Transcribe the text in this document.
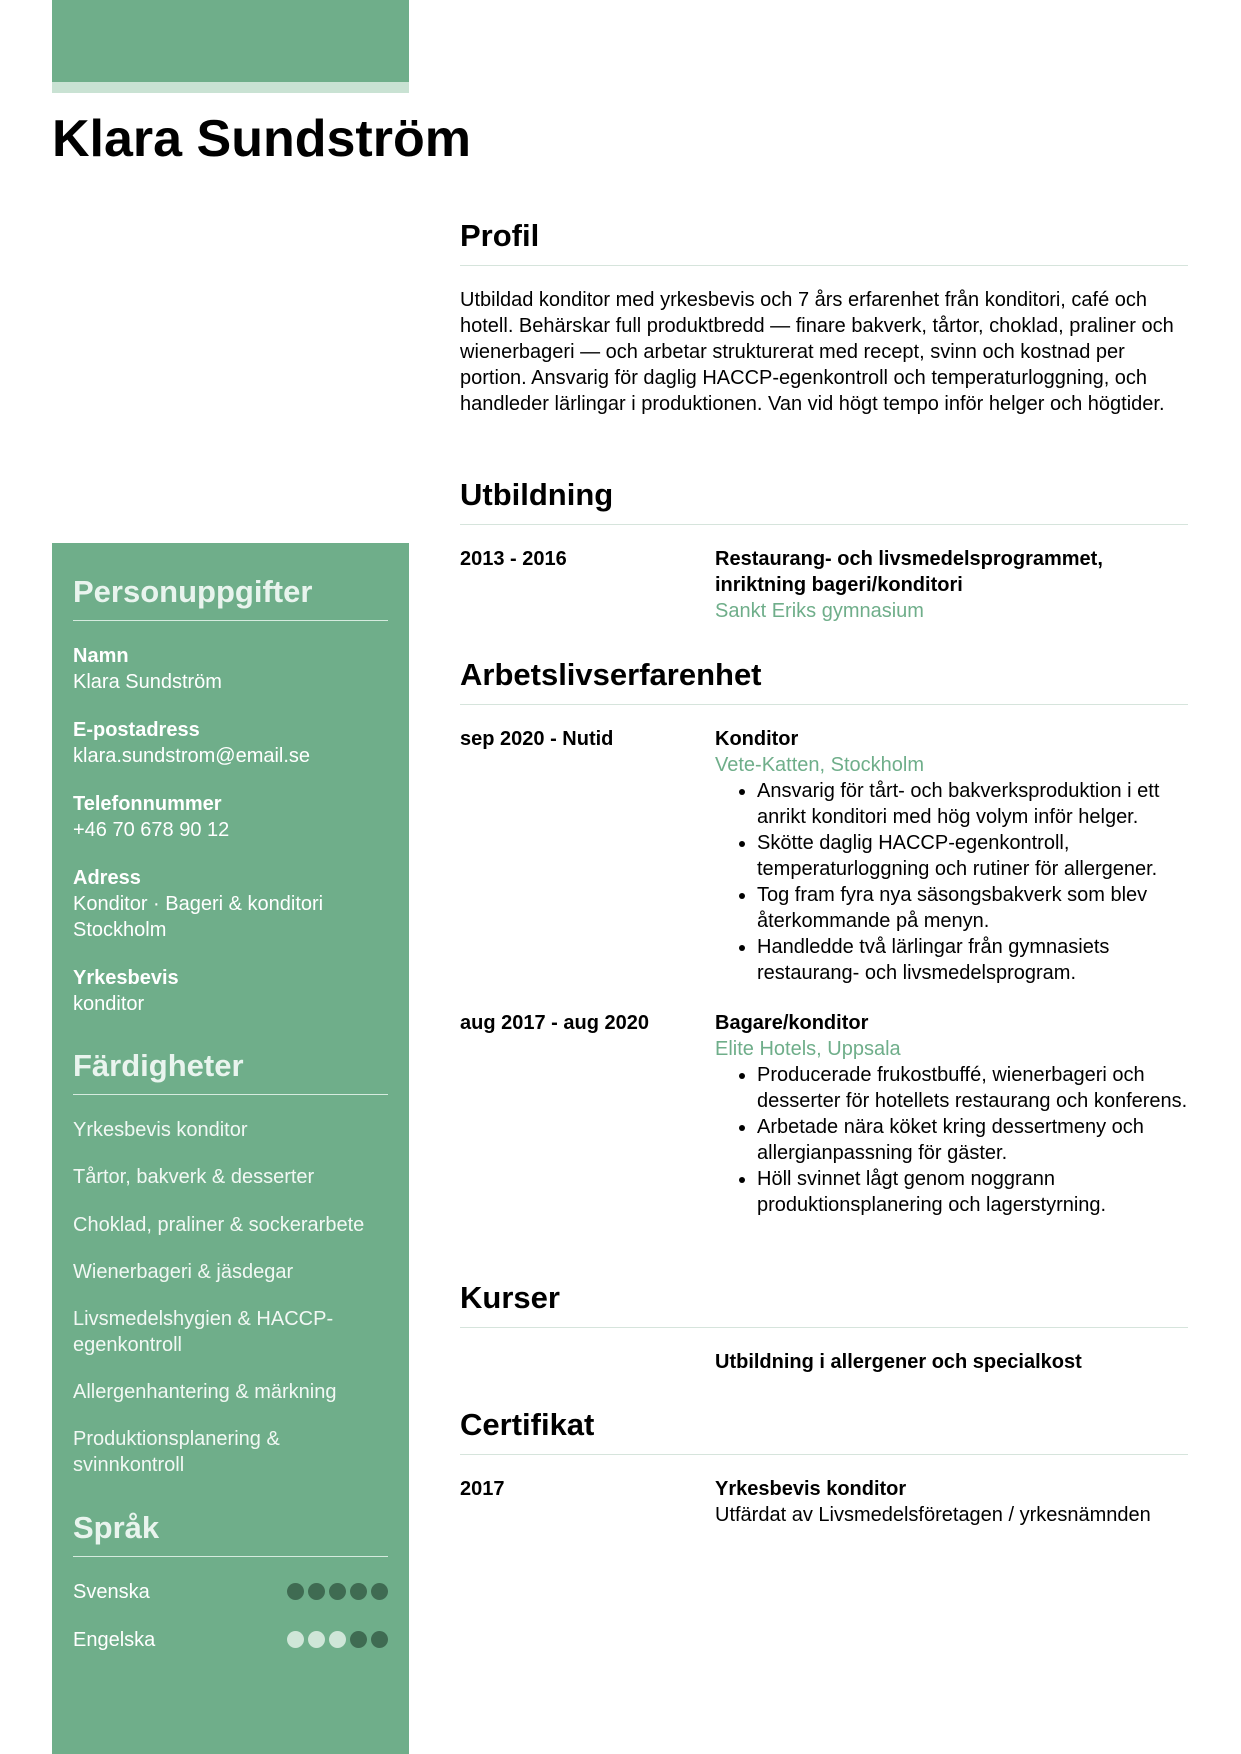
Klara Sundström
Personuppgifter
Namn
Klara Sundström
E-postadress
klara.sundstrom@email.se
Telefonnummer
+46 70 678 90 12
Adress
Konditor · Bageri & konditori
Stockholm
Yrkesbevis
konditor
Färdigheter
Yrkesbevis konditor
Tårtor, bakverk & desserter
Choklad, praliner & sockerarbete
Wienerbageri & jäsdegar
Livsmedelshygien & HACCP-egenkontroll
Allergenhantering & märkning
Produktionsplanering & svinnkontroll
Språk
Svenska
Engelska
Profil

Utbildad konditor med yrkesbevis och 7 års erfarenhet från konditori, café och hotell. Behärskar full produktbredd — finare bakverk, tårtor, choklad, praliner och wienerbageri — och arbetar strukturerat med recept, svinn och kostnad per portion. Ansvarig för daglig HACCP-egenkontroll och temperaturloggning, och handleder lärlingar i produktionen. Van vid högt tempo inför helger och högtider.

Utbildning
2013 - 2016	Restaurang- och livsmedelsprogrammet, inriktning bageri/konditori
Sankt Eriks gymnasium
Arbetslivserfarenhet
sep 2020 - Nutid	Konditor
Vete-Katten, Stockholm
• Ansvarig för tårt- och bakverksproduktion i ett anrikt konditori med hög volym inför helger.
• Skötte daglig HACCP-egenkontroll, temperaturloggning och rutiner för allergener.
• Tog fram fyra nya säsongsbakverk som blev återkommande på menyn.
• Handledde två lärlingar från gymnasiets restaurang- och livsmedelsprogram.
aug 2017 - aug 2020	Bagare/konditor
Elite Hotels, Uppsala
• Producerade frukostbuffé, wienerbageri och desserter för hotellets restaurang och konferens.
• Arbetade nära köket kring dessertmeny och allergianpassning för gäster.
• Höll svinnet lågt genom noggrann produktionsplanering och lagerstyrning.
Kurser
Utbildning i allergener och specialkost
Certifikat
2017	Yrkesbevis konditor
Utfärdat av Livsmedelsföretagen / yrkesnämnden
